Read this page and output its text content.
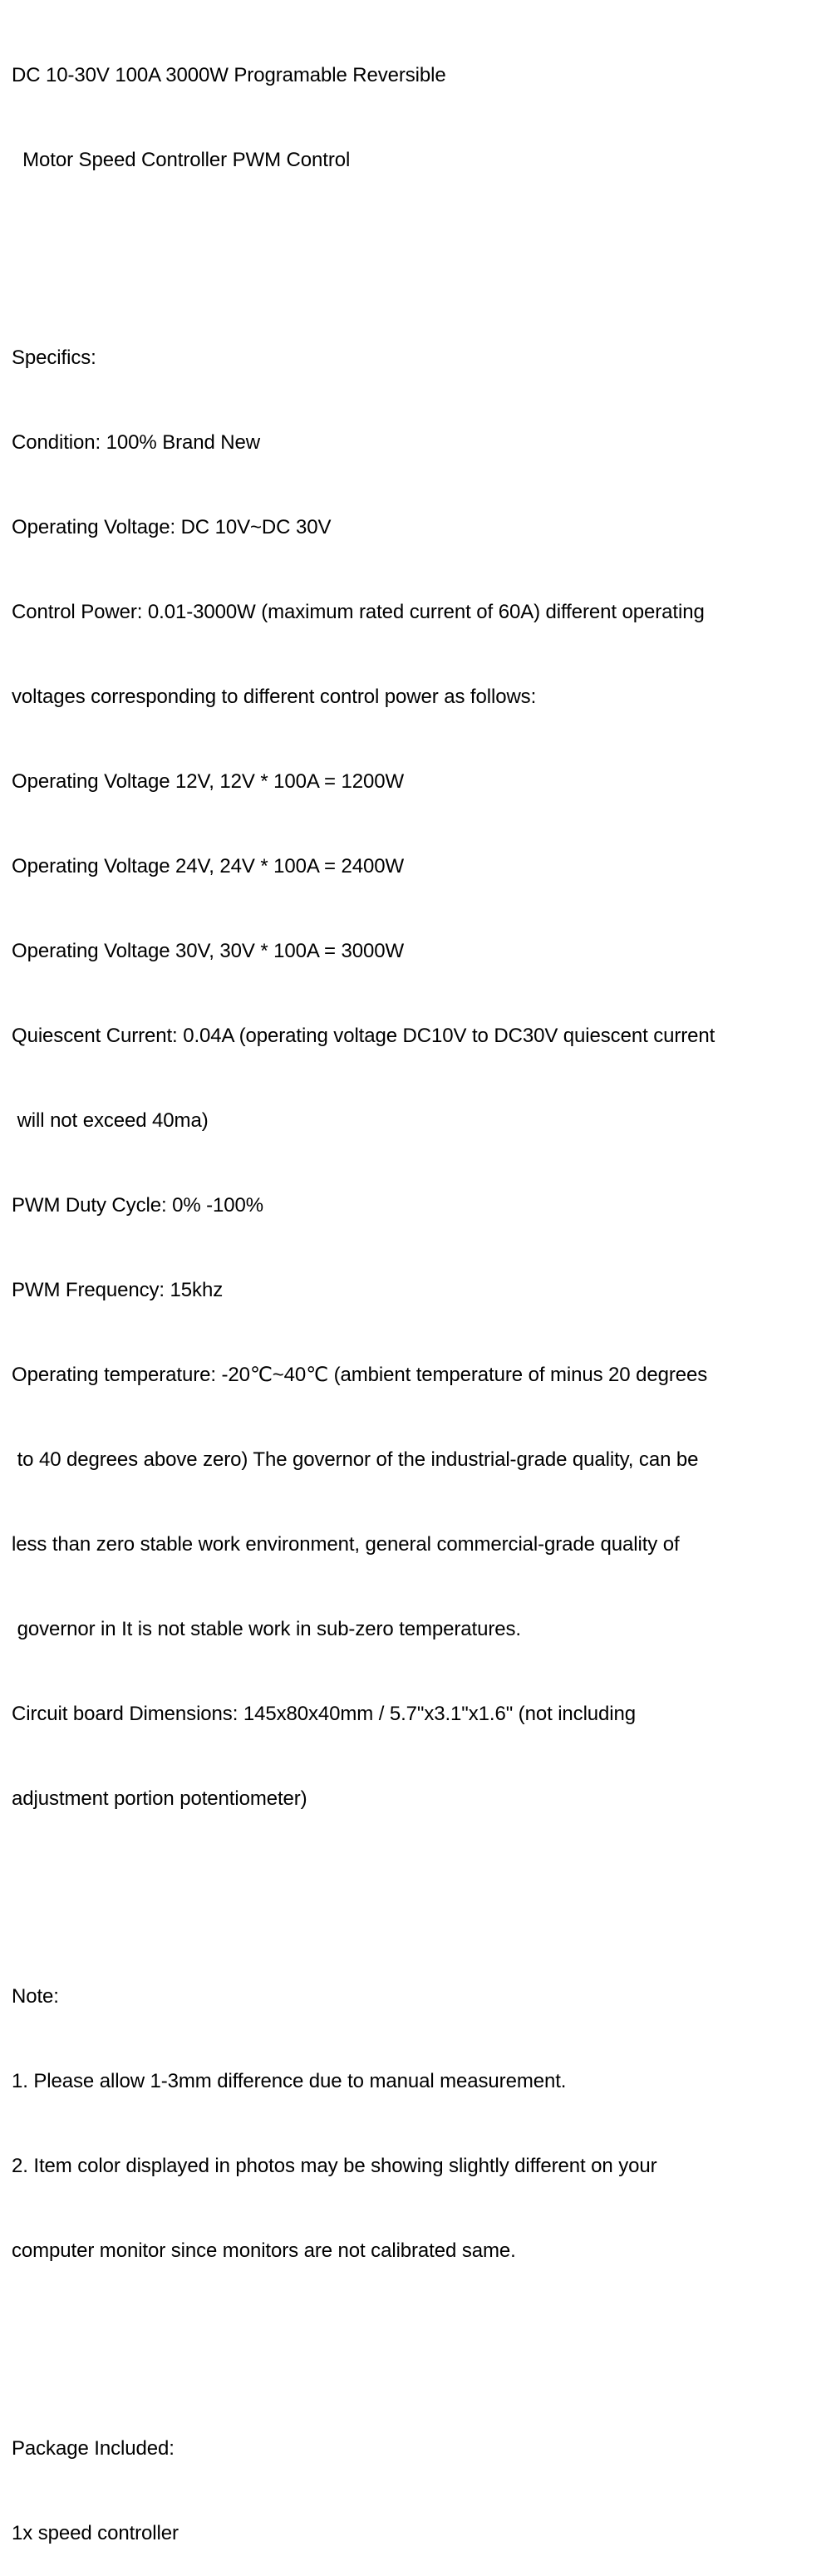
DC 10-30V 100A 3000W Programable Reversible

Motor Speed Controller PWM Control

Specifics:

Condition: 100% Brand New

Operating Voltage: DC 10V~DC 30V

Control Power: 0.01-3000W (maximum rated current of 60A) different operating

voltages corresponding to different control power as follows:

Operating Voltage 12V, 12V * 100A = 1200W

Operating Voltage 24V, 24V * 100A = 2400W

Operating Voltage 30V, 30V * 100A = 3000W

Quiescent Current: 0.04A (operating voltage DC10V to DC30V quiescent current

will not exceed 40ma)

PWM Duty Cycle: 0% -100%

PWM Frequency: 15khz

Operating temperature: -20℃~40℃ (ambient temperature of minus 20 degrees

to 40 degrees above zero) The governor of the industrial-grade quality, can be

less than zero stable work environment, general commercial-grade quality of

governor in It is not stable work in sub-zero temperatures.

Circuit board Dimensions: 145x80x40mm / 5.7"x3.1"x1.6" (not including

adjustment portion potentiometer)

Note:

1. Please allow 1-3mm difference due to manual measurement.

2. Item color displayed in photos may be showing slightly different on your

computer monitor since monitors are not calibrated same.

Package Included:

1x speed controller
